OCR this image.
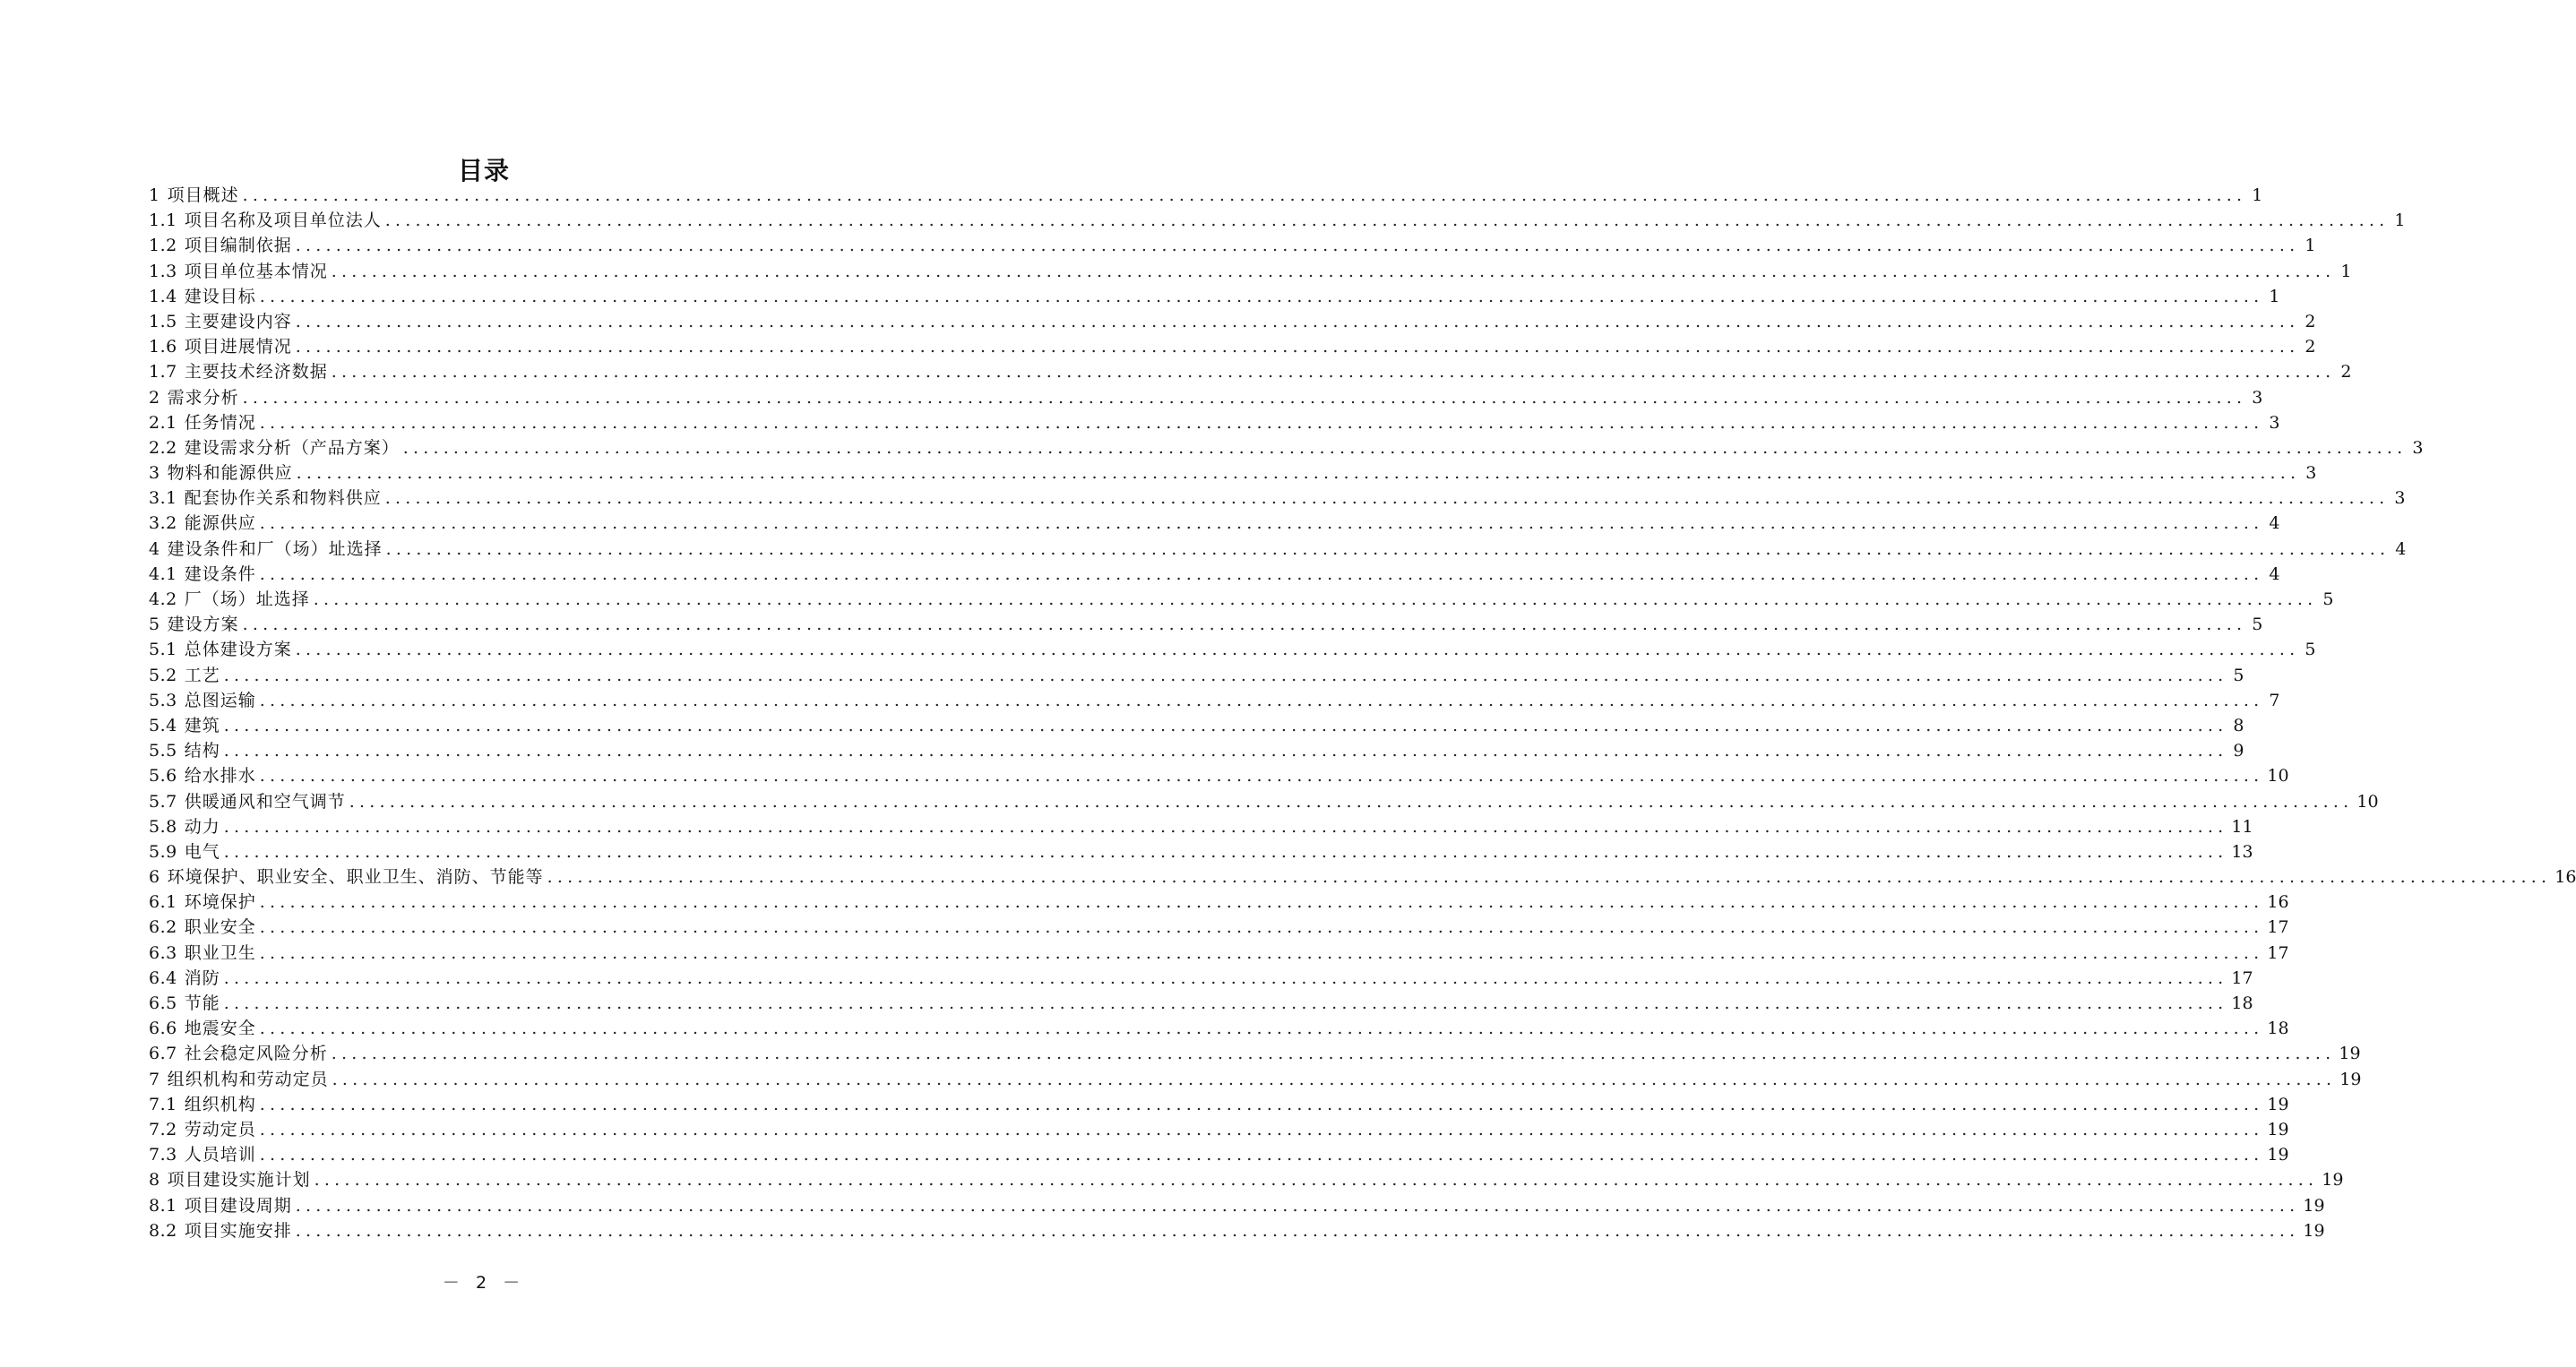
目录
1 项目概述 ....................................................................................................................................................................................................... 1
1.1 项目名称及项目单位法人 ....................................................................................................................................................................................................... 1
1.2 项目编制依据 ....................................................................................................................................................................................................... 1
1.3 项目单位基本情况 ....................................................................................................................................................................................................... 1
1.4 建设目标 ....................................................................................................................................................................................................... 1
1.5 主要建设内容 ....................................................................................................................................................................................................... 2
1.6 项目进展情况 ....................................................................................................................................................................................................... 2
1.7 主要技术经济数据 ....................................................................................................................................................................................................... 2
2 需求分析 ....................................................................................................................................................................................................... 3
2.1 任务情况 ....................................................................................................................................................................................................... 3
2.2 建设需求分析（产品方案） ....................................................................................................................................................................................................... 3
3 物料和能源供应 ....................................................................................................................................................................................................... 3
3.1 配套协作关系和物料供应 ....................................................................................................................................................................................................... 3
3.2 能源供应 ....................................................................................................................................................................................................... 4
4 建设条件和厂（场）址选择 ....................................................................................................................................................................................................... 4
4.1 建设条件 ....................................................................................................................................................................................................... 4
4.2 厂（场）址选择 ....................................................................................................................................................................................................... 5
5 建设方案 ....................................................................................................................................................................................................... 5
5.1 总体建设方案 ....................................................................................................................................................................................................... 5
5.2 工艺 ....................................................................................................................................................................................................... 5
5.3 总图运输 ....................................................................................................................................................................................................... 7
5.4 建筑 ....................................................................................................................................................................................................... 8
5.5 结构 ....................................................................................................................................................................................................... 9
5.6 给水排水 ....................................................................................................................................................................................................... 10
5.7 供暖通风和空气调节 ....................................................................................................................................................................................................... 10
5.8 动力 ....................................................................................................................................................................................................... 11
5.9 电气 ....................................................................................................................................................................................................... 13
6 环境保护、职业安全、职业卫生、消防、节能等 ....................................................................................................................................................................................................... 16
6.1 环境保护 ....................................................................................................................................................................................................... 16
6.2 职业安全 ....................................................................................................................................................................................................... 17
6.3 职业卫生 ....................................................................................................................................................................................................... 17
6.4 消防 ....................................................................................................................................................................................................... 17
6.5 节能 ....................................................................................................................................................................................................... 18
6.6 地震安全 ....................................................................................................................................................................................................... 18
6.7 社会稳定风险分析 ....................................................................................................................................................................................................... 19
7 组织机构和劳动定员 ....................................................................................................................................................................................................... 19
7.1 组织机构 ....................................................................................................................................................................................................... 19
7.2 劳动定员 ....................................................................................................................................................................................................... 19
7.3 人员培训 ....................................................................................................................................................................................................... 19
8 项目建设实施计划 ....................................................................................................................................................................................................... 19
8.1 项目建设周期 ....................................................................................................................................................................................................... 19
8.2 项目实施安排 ....................................................................................................................................................................................................... 19
－ 2 －
